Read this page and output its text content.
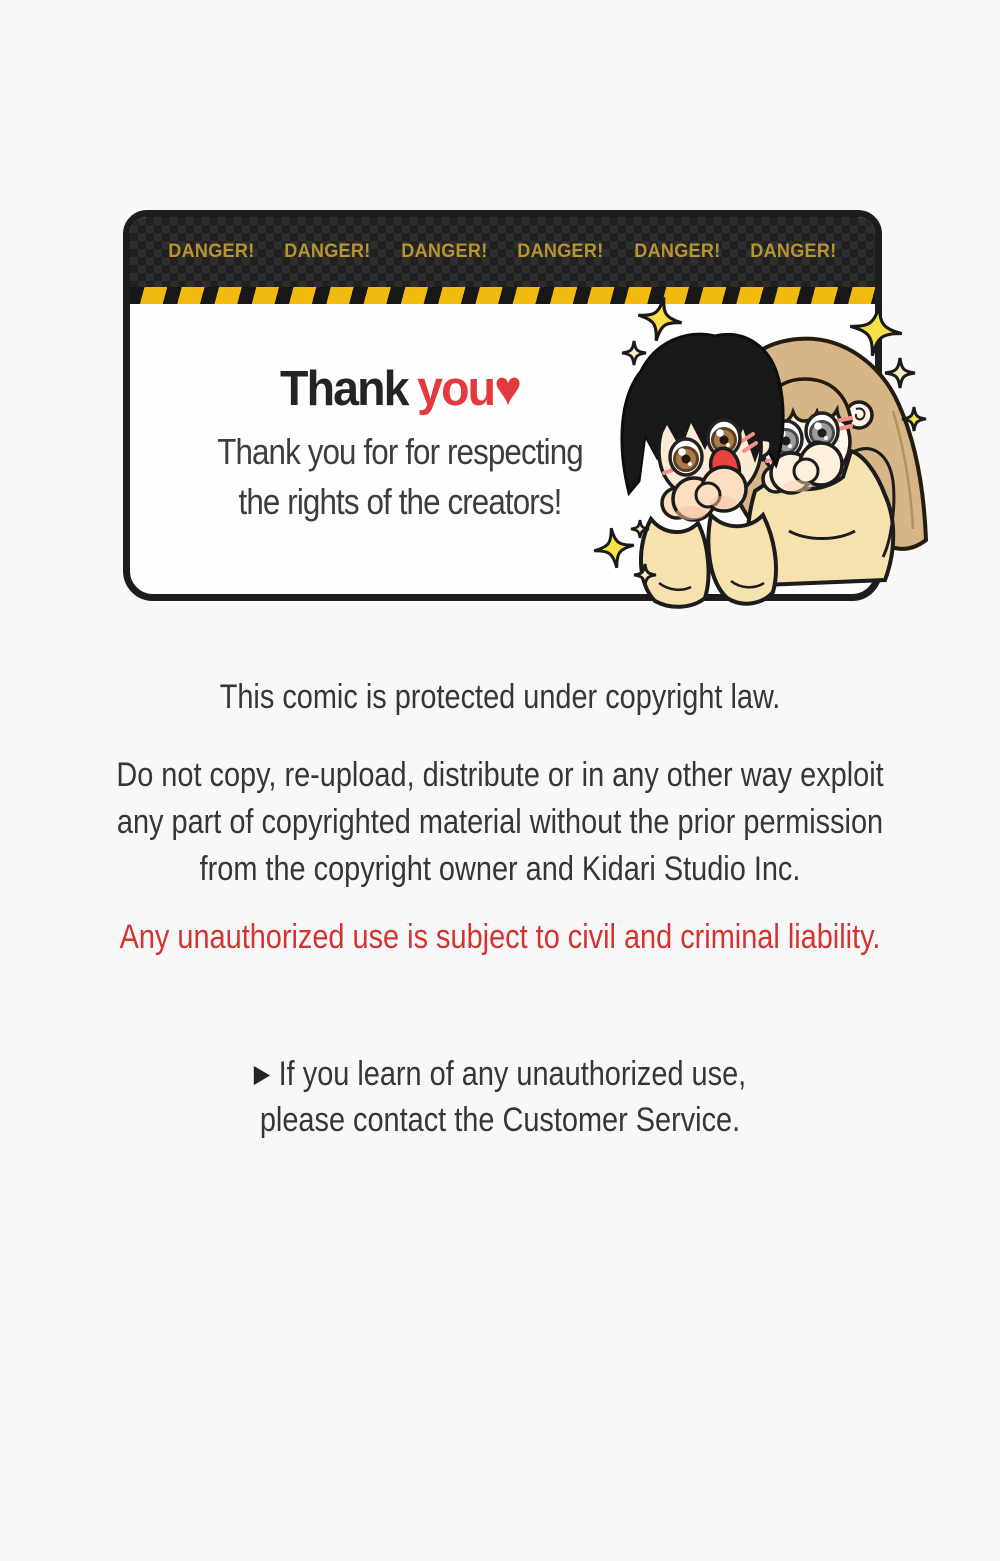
DANGER! DANGER! DANGER! DANGER! DANGER! DANGER!
Thank you♥
Thank you for for respecting
the rights of the creators!
This comic is protected under copyright law.
Do not copy, re-upload, distribute or in any other way exploit
any part of copyrighted material without the prior permission
from the copyright owner and Kidari Studio Inc.
Any unauthorized use is subject to civil and criminal liability.
▶ If you learn of any unauthorized use,
please contact the Customer Service.
